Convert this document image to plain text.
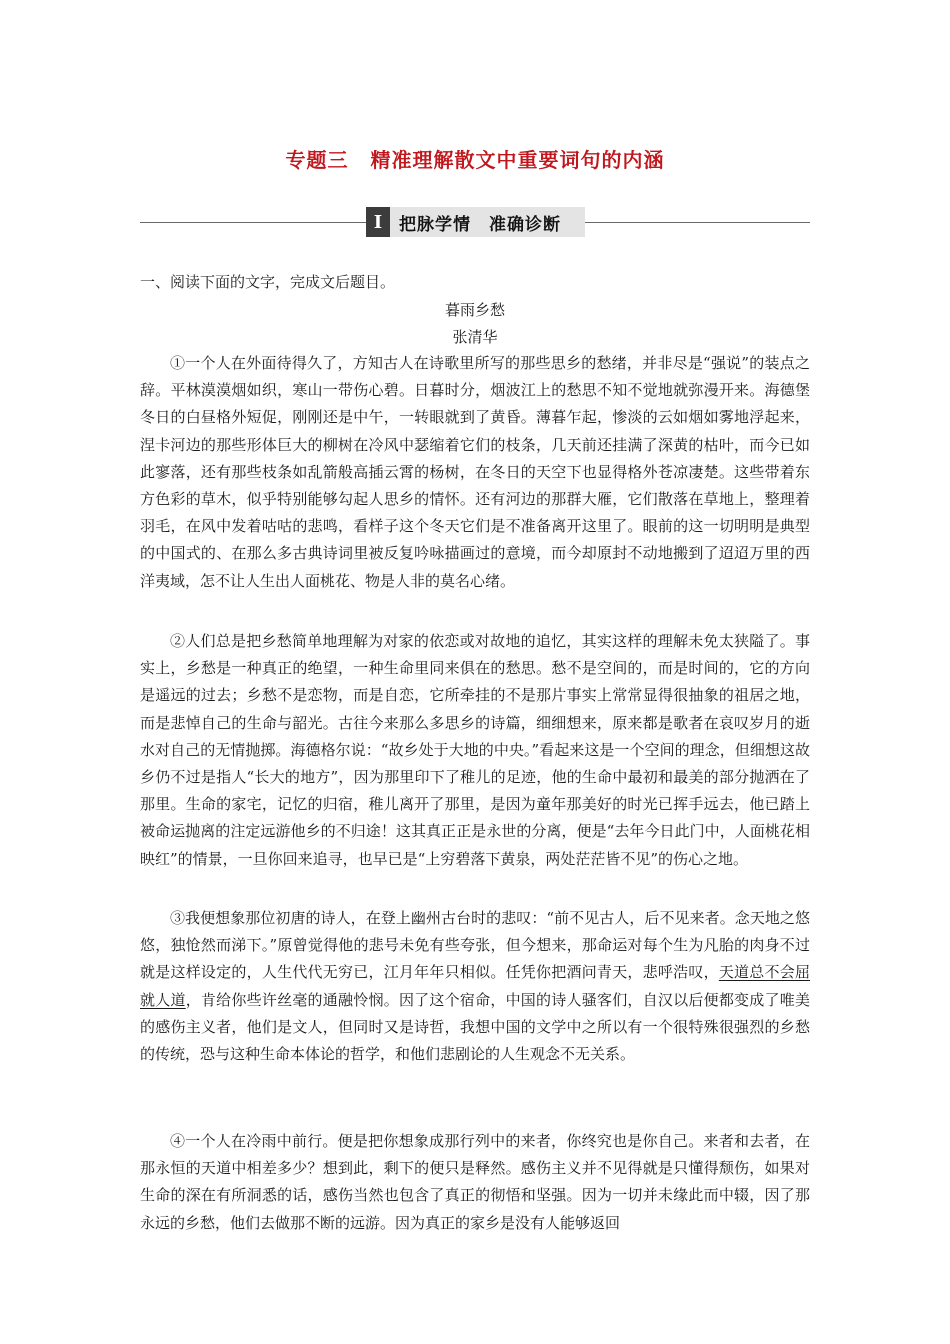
专题三 精准理解散文中重要词句的内涵
Ⅰ 把脉学情　准确诊断
一、阅读下面的文字，完成文后题目。
暮雨乡愁
张清华
①一个人在外面待得久了，方知古人在诗歌里所写的那些思乡的愁绪，并非尽是“强说”的装点之辞。平林漠漠烟如织，寒山一带伤心碧。日暮时分，烟波江上的愁思不知不觉地就弥漫开来。海德堡冬日的白昼格外短促，刚刚还是中午，一转眼就到了黄昏。薄暮乍起，惨淡的云如烟如雾地浮起来，涅卡河边的那些形体巨大的柳树在冷风中瑟缩着它们的枝条，几天前还挂满了深黄的枯叶，而今已如此寥落，还有那些枝条如乱箭般高插云霄的杨树，在冬日的天空下也显得格外苍凉凄楚。这些带着东方色彩的草木，似乎特别能够勾起人思乡的情怀。还有河边的那群大雁，它们散落在草地上，整理着羽毛，在风中发着咕咕的悲鸣，看样子这个冬天它们是不准备离开这里了。眼前的这一切明明是典型的中国式的、在那么多古典诗词里被反复吟咏描画过的意境，而今却原封不动地搬到了迢迢万里的西洋夷域，怎不让人生出人面桃花、物是人非的莫名心绪。
②人们总是把乡愁简单地理解为对家的依恋或对故地的追忆，其实这样的理解未免太狭隘了。事实上，乡愁是一种真正的绝望，一种生命里同来俱在的愁思。愁不是空间的，而是时间的，它的方向是遥远的过去；乡愁不是恋物，而是自恋，它所牵挂的不是那片事实上常常显得很抽象的祖居之地，而是悲悼自己的生命与韶光。古往今来那么多思乡的诗篇，细细想来，原来都是歌者在哀叹岁月的逝水对自己的无情抛掷。海德格尔说：“故乡处于大地的中央。”看起来这是一个空间的理念，但细想这故乡仍不过是指人“长大的地方”，因为那里印下了稚儿的足迹，他的生命中最初和最美的部分抛洒在了那里。生命的家宅，记忆的归宿，稚儿离开了那里，是因为童年那美好的时光已挥手远去，他已踏上被命运抛离的注定远游他乡的不归途！这其真正正是永世的分离，便是“去年今日此门中，人面桃花相映红”的情景，一旦你回来追寻，也早已是“上穷碧落下黄泉，两处茫茫皆不见”的伤心之地。
③我便想象那位初唐的诗人，在登上幽州古台时的悲叹：“前不见古人，后不见来者。念天地之悠悠，独怆然而涕下。”原曾觉得他的悲号未免有些夸张，但今想来，那命运对每个生为凡胎的肉身不过就是这样设定的，人生代代无穷已，江月年年只相似。任凭你把酒问青天，悲呼浩叹，天道总不会屈就人道，肯给你些许丝毫的通融怜悯。因了这个宿命，中国的诗人骚客们，自汉以后便都变成了唯美的感伤主义者，他们是文人，但同时又是诗哲，我想中国的文学中之所以有一个很特殊很强烈的乡愁的传统，恐与这种生命本体论的哲学，和他们悲剧论的人生观念不无关系。
④一个人在冷雨中前行。便是把你想象成那行列中的来者，你终究也是你自己。来者和去者，在那永恒的天道中相差多少？想到此，剩下的便只是释然。感伤主义并不见得就是只懂得颓伤，如果对生命的深在有所洞悉的话，感伤当然也包含了真正的彻悟和坚强。因为一切并未缘此而中辍，因了那永远的乡愁，他们去做那不断的远游。因为真正的家乡是没有人能够返回
